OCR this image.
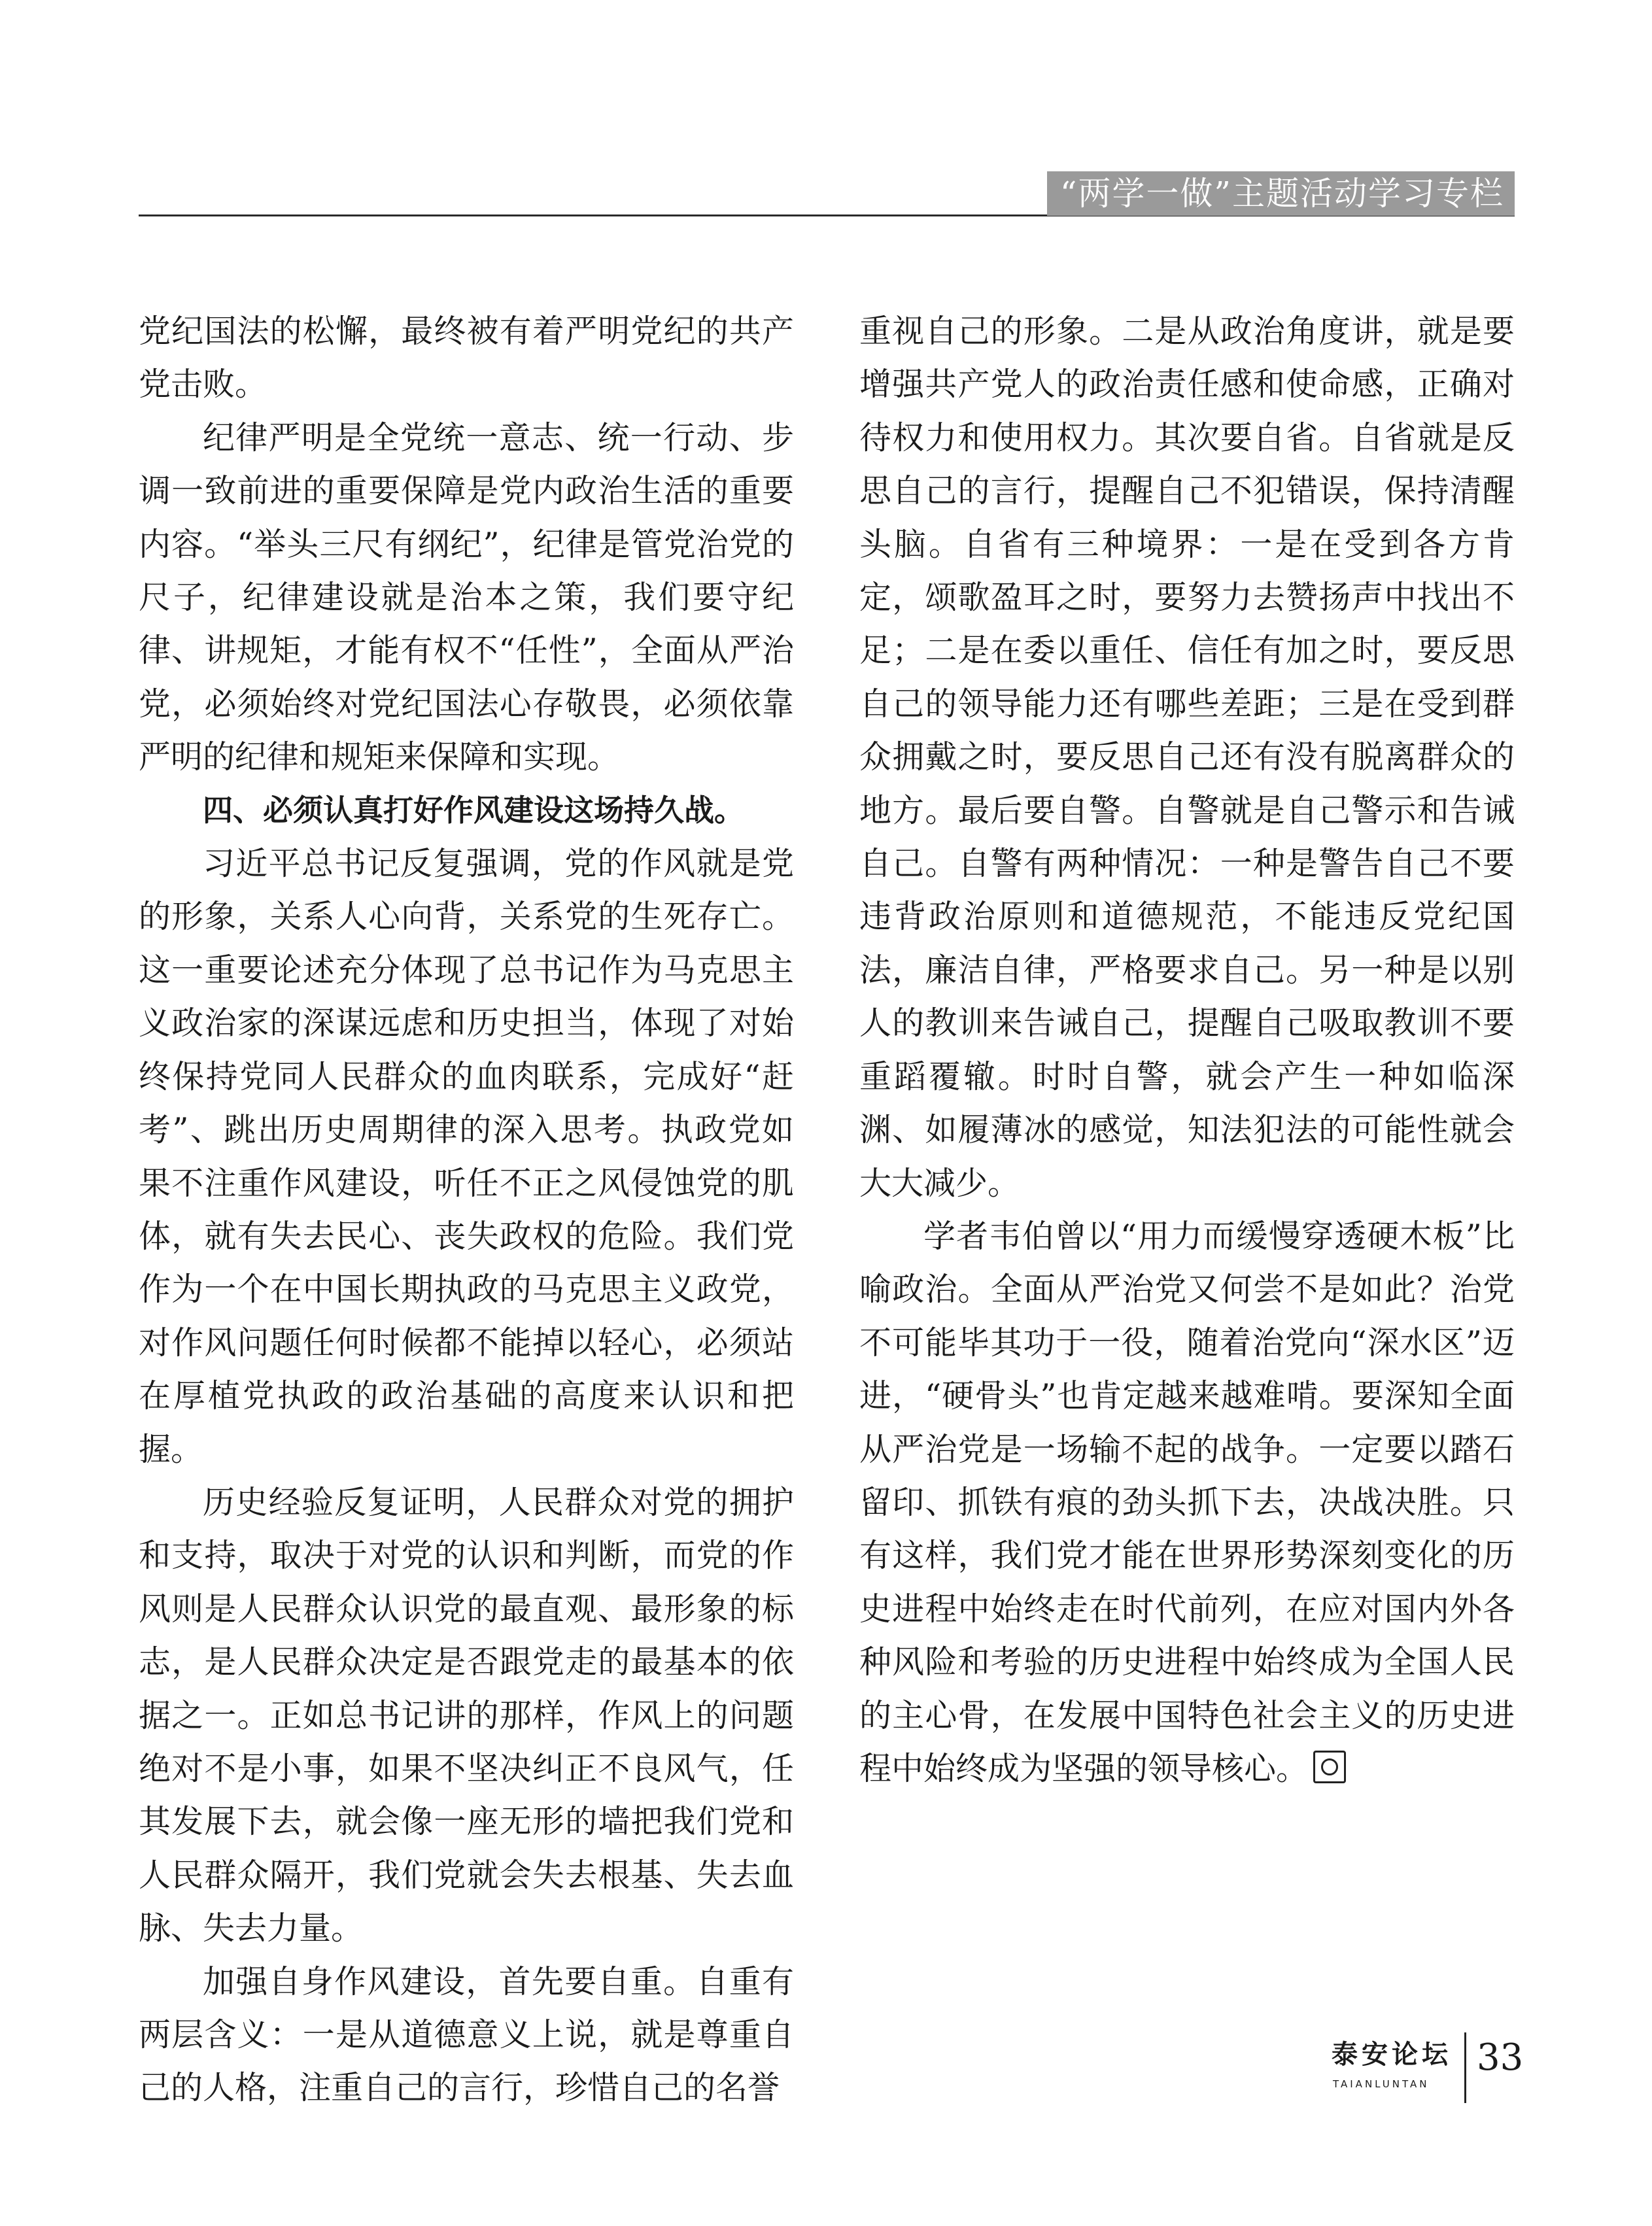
“两学一做”主题活动学习专栏

党纪国法的松懈，最终被有着严明党纪的共产党击败。

纪律严明是全党统一意志、统一行动、步调一致前进的重要保障是党内政治生活的重要内容。“举头三尺有纲纪”，纪律是管党治党的尺子，纪律建设就是治本之策，我们要守纪律、讲规矩，才能有权不“任性”，全面从严治党，必须始终对党纪国法心存敬畏，必须依靠严明的纪律和规矩来保障和实现。

四、必须认真打好作风建设这场持久战。

习近平总书记反复强调，党的作风就是党的形象，关系人心向背，关系党的生死存亡。这一重要论述充分体现了总书记作为马克思主义政治家的深谋远虑和历史担当，体现了对始终保持党同人民群众的血肉联系，完成好“赶考”、跳出历史周期律的深入思考。执政党如果不注重作风建设，听任不正之风侵蚀党的肌体，就有失去民心、丧失政权的危险。我们党作为一个在中国长期执政的马克思主义政党，对作风问题任何时候都不能掉以轻心，必须站在厚植党执政的政治基础的高度来认识和把握。

历史经验反复证明，人民群众对党的拥护和支持，取决于对党的认识和判断，而党的作风则是人民群众认识党的最直观、最形象的标志，是人民群众决定是否跟党走的最基本的依据之一。正如总书记讲的那样，作风上的问题绝对不是小事，如果不坚决纠正不良风气，任其发展下去，就会像一座无形的墙把我们党和人民群众隔开，我们党就会失去根基、失去血脉、失去力量。

加强自身作风建设，首先要自重。自重有两层含义：一是从道德意义上说，就是尊重自己的人格，注重自己的言行，珍惜自己的名誉

重视自己的形象。二是从政治角度讲，就是要增强共产党人的政治责任感和使命感，正确对待权力和使用权力。其次要自省。自省就是反思自己的言行，提醒自己不犯错误，保持清醒头脑。自省有三种境界：一是在受到各方肯定，颂歌盈耳之时，要努力去赞扬声中找出不足；二是在委以重任、信任有加之时，要反思自己的领导能力还有哪些差距；三是在受到群众拥戴之时，要反思自己还有没有脱离群众的地方。最后要自警。自警就是自己警示和告诫自己。自警有两种情况：一种是警告自己不要违背政治原则和道德规范，不能违反党纪国法，廉洁自律，严格要求自己。另一种是以别人的教训来告诫自己，提醒自己吸取教训不要重蹈覆辙。时时自警，就会产生一种如临深渊、如履薄冰的感觉，知法犯法的可能性就会大大减少。

学者韦伯曾以“用力而缓慢穿透硬木板”比喻政治。全面从严治党又何尝不是如此？治党不可能毕其功于一役，随着治党向“深水区”迈进，“硬骨头”也肯定越来越难啃。要深知全面从严治党是一场输不起的战争。一定要以踏石留印、抓铁有痕的劲头抓下去，决战决胜。只有这样，我们党才能在世界形势深刻变化的历史进程中始终走在时代前列，在应对国内外各种风险和考验的历史进程中始终成为全国人民的主心骨，在发展中国特色社会主义的历史进程中始终成为坚强的领导核心。

泰安论坛
TAIANLUNTAN
33
